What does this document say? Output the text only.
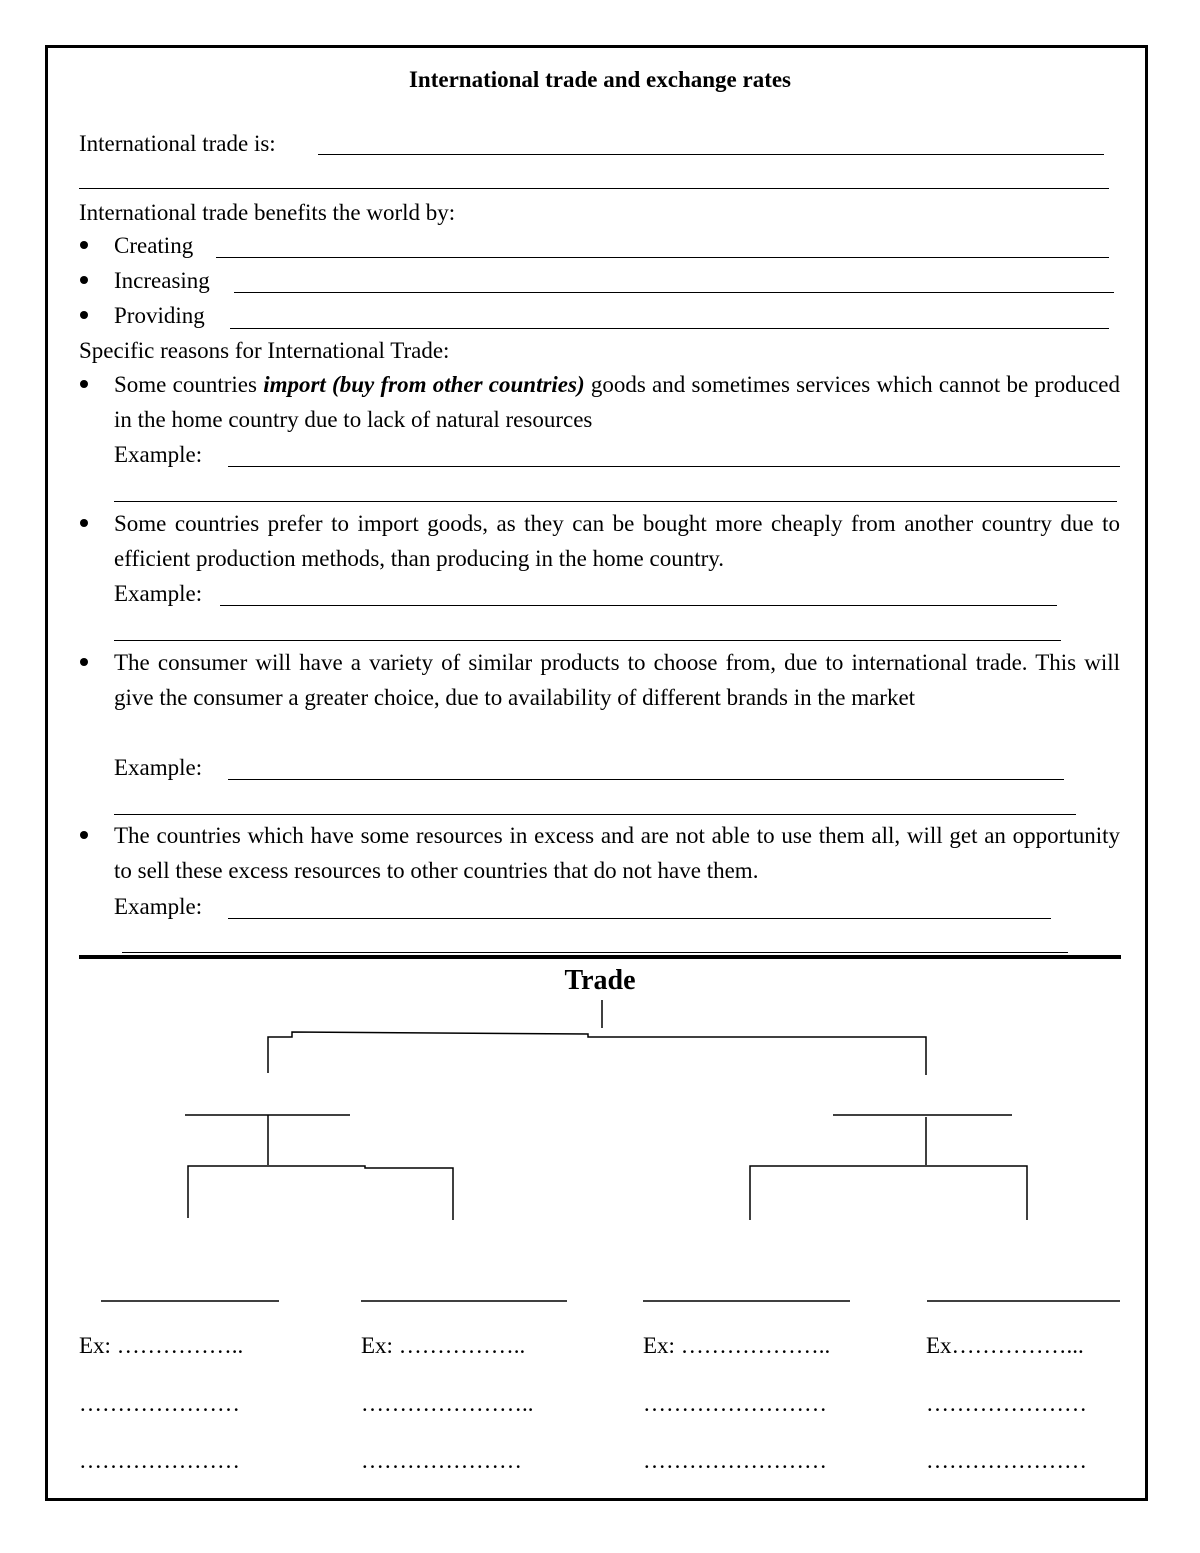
International trade and exchange rates
International trade is:
International trade benefits the world by:
Creating
Increasing
Providing
Specific reasons for International Trade:
Some countries import (buy from other countries) goods and sometimes services which cannot be produced in the home country due to lack of natural resources
Example:
Some countries prefer to import goods, as they can be bought more cheaply from another country due to efficient production methods, than producing in the home country.
Example:
The consumer will have a variety of similar products to choose from, due to international trade. This will give the consumer a greater choice, due to availability of different brands in the market
Example:
The countries which have some resources in excess and are not able to use them all, will get an opportunity to sell these excess resources to other countries that do not have them.
Example:
Trade
Ex: ……………..
…………………
…………………
Ex: ……………..
…………………..
…………………
Ex: ………………..
……………………
……………………
Ex……………...
…………………
…………………
